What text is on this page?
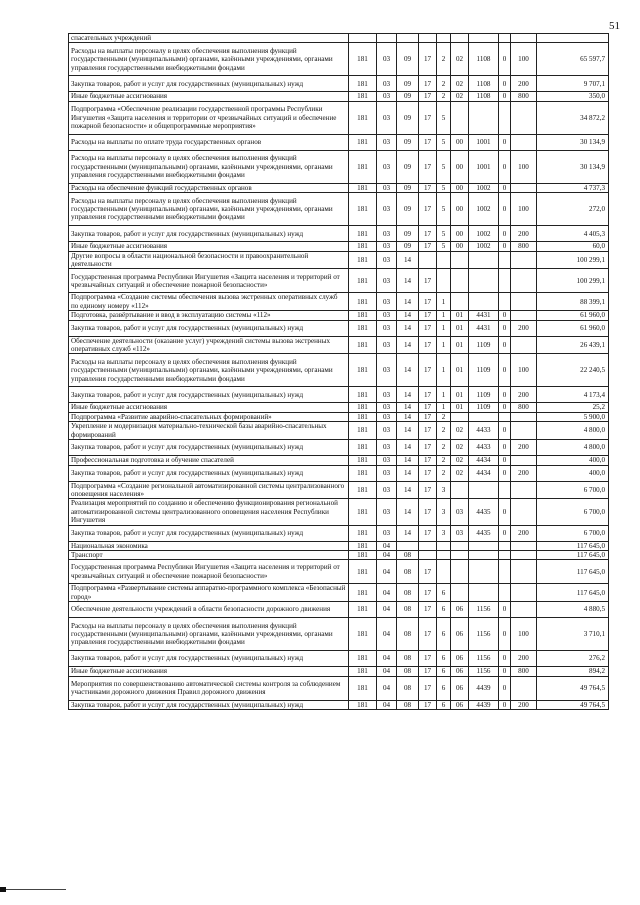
51
спасательных учреждений										
Расходы на выплаты персоналу в целях обеспечения выполнения функций государственными (муниципальными) органами, казёнными учреждениями, органами управления государственными внебюджетными фондами	181	03	09	17	2	02	1108	0	100	65 597,7
Закупка товаров, работ и услуг для государственных (муниципальных) нужд	181	03	09	17	2	02	1108	0	200	9 707,1
Иные бюджетные ассигнования	181	03	09	17	2	02	1108	0	800	350,0
Подпрограмма «Обеспечение реализации государственной программы Республики Ингушетия «Защита населения и территории от чрезвычайных ситуаций и обеспечение пожарной безопасности» и общепрограммные мероприятия»	181	03	09	17	5					34 872,2
Расходы на выплаты по оплате труда государственных органов	181	03	09	17	5	00	1001	0		30 134,9
Расходы на выплаты персоналу в целях обеспечения выполнения функций государственными (муниципальными) органами, казёнными учреждениями, органами управления государственными внебюджетными фондами	181	03	09	17	5	00	1001	0	100	30 134,9
Расходы на обеспечение функций государственных органов	181	03	09	17	5	00	1002	0		4 737,3
Расходы на выплаты персоналу в целях обеспечения выполнения функций государственными (муниципальными) органами, казёнными учреждениями, органами управления государственными внебюджетными фондами	181	03	09	17	5	00	1002	0	100	272,0
Закупка товаров, работ и услуг для государственных (муниципальных) нужд	181	03	09	17	5	00	1002	0	200	4 405,3
Иные бюджетные ассигнования	181	03	09	17	5	00	1002	0	800	60,0
Другие вопросы в области национальной безопасности и правоохранительной деятельности	181	03	14							100 299,1
Государственная программа Республики Ингушетия «Защита населения и территорий от чрезвычайных ситуаций и обеспечение пожарной безопасности»	181	03	14	17						100 299,1
Подпрограмма «Создание системы обеспечения вызова экстренных оперативных служб по единому номеру «112»	181	03	14	17	1					88 399,1
Подготовка, развёртывание и ввод в эксплуатацию системы «112»	181	03	14	17	1	01	4431	0		61 960,0
Закупка товаров, работ и услуг для государственных (муниципальных) нужд	181	03	14	17	1	01	4431	0	200	61 960,0
Обеспечение деятельности (оказание услуг) учреждений системы вызова экстренных оперативных служб «112»	181	03	14	17	1	01	1109	0		26 439,1
Расходы на выплаты персоналу в целях обеспечения выполнения функций государственными (муниципальными) органами, казёнными учреждениями, органами управления государственными внебюджетными фондами	181	03	14	17	1	01	1109	0	100	22 240,5
Закупка товаров, работ и услуг для государственных (муниципальных) нужд	181	03	14	17	1	01	1109	0	200	4 173,4
Иные бюджетные ассигнования	181	03	14	17	1	01	1109	0	800	25,2
Подпрограмма «Развитие аварийно-спасательных формирований»	181	03	14	17	2					5 900,0
Укрепление и модернизация материально-технической базы аварийно-спасательных формирований	181	03	14	17	2	02	4433	0		4 800,0
Закупка товаров, работ и услуг для государственных (муниципальных) нужд	181	03	14	17	2	02	4433	0	200	4 800,0
Профессиональная подготовка и обучение спасателей	181	03	14	17	2	02	4434	0		400,0
Закупка товаров, работ и услуг для государственных (муниципальных) нужд	181	03	14	17	2	02	4434	0	200	400,0
Подпрограмма «Создание региональной автоматизированной системы централизованного оповещения населения»	181	03	14	17	3					6 700,0
Реализация мероприятий по созданию и обеспечению функционирования региональной автоматизированной системы централизованного оповещения населения Республики Ингушетия	181	03	14	17	3	03	4435	0		6 700,0
Закупка товаров, работ и услуг для государственных (муниципальных) нужд	181	03	14	17	3	03	4435	0	200	6 700,0
Национальная экономика	181	04								117 645,0
Транспорт	181	04	08							117 645,0
Государственная программа Республики Ингушетия «Защита населения и территорий от чрезвычайных ситуаций и обеспечение пожарной безопасности»	181	04	08	17						117 645,0
Подпрограмма «Развертывание системы аппаратно-программного комплекса «Безопасный город»	181	04	08	17	6					117 645,0
Обеспечение деятельности учреждений в области безопасности дорожного движения	181	04	08	17	6	06	1156	0		4 880,5
Расходы на выплаты персоналу в целях обеспечения выполнения функций государственными (муниципальными) органами, казёнными учреждениями, органами управления государственными внебюджетными фондами	181	04	08	17	6	06	1156	0	100	3 710,1
Закупка товаров, работ и услуг для государственных (муниципальных) нужд	181	04	08	17	6	06	1156	0	200	276,2
Иные бюджетные ассигнования	181	04	08	17	6	06	1156	0	800	894,2
Мероприятия по совершенствованию автоматической системы контроля за соблюдением участниками дорожного движения Правил дорожного движения	181	04	08	17	6	06	4439	0		49 764,5
Закупка товаров, работ и услуг для государственных (муниципальных) нужд	181	04	08	17	6	06	4439	0	200	49 764,5
